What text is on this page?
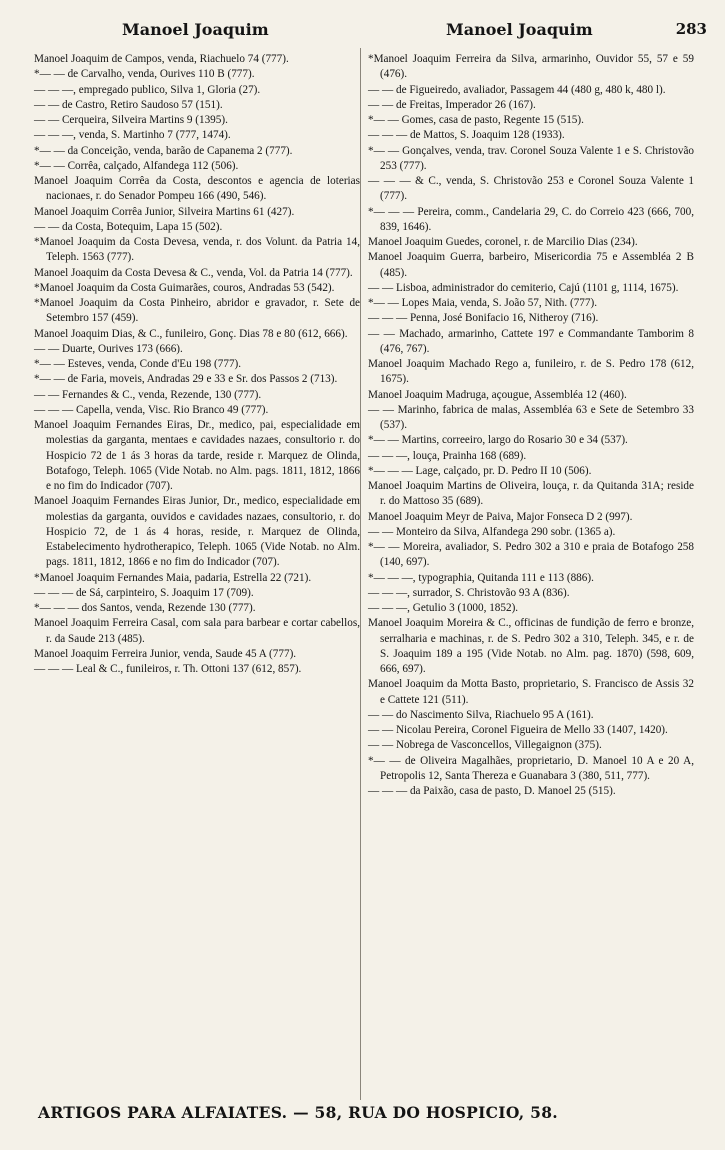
Manoel Joaquim	Manoel Joaquim	283

Manoel Joaquim de Campos, venda, Riachuelo 74 (777).

*— — de Carvalho, venda, Ourives 110 B (777).

— — —, empregado publico, Silva 1, Gloria (27).

— — de Castro, Retiro Saudoso 57 (151).

— — Cerqueira, Silveira Martins 9 (1395).

— — —, venda, S. Martinho 7 (777, 1474).

*— — da Conceição, venda, barão de Capanema 2 (777).

*— — Corrêa, calçado, Alfandega 112 (506).

Manoel Joaquim Corrêa da Costa, descontos e agencia de loterias nacionaes, r. do Senador Pompeu 166 (490, 546).

Manoel Joaquim Corrêa Junior, Silveira Martins 61 (427).

— — da Costa, Botequim, Lapa 15 (502).

*Manoel Joaquim da Costa Devesa, venda, r. dos Volunt. da Patria 14, Teleph. 1563 (777).

Manoel Joaquim da Costa Devesa & C., venda, Vol. da Patria 14 (777).

*Manoel Joaquim da Costa Guimarães, couros, Andradas 53 (542).

*Manoel Joaquim da Costa Pinheiro, abridor e gravador, r. Sete de Setembro 157 (459).

Manoel Joaquim Dias, & C., funileiro, Gonç. Dias 78 e 80 (612, 666).

— — Duarte, Ourives 173 (666).

*— — Esteves, venda, Conde d'Eu 198 (777).

*— — de Faria, moveis, Andradas 29 e 33 e Sr. dos Passos 2 (713).

— — Fernandes & C., venda, Rezende, 130 (777).

— — — Capella, venda, Visc. Rio Branco 49 (777).

Manoel Joaquim Fernandes Eiras, Dr., medico, pai, especialidade em molestias da garganta, mentaes e cavidades nazaes, consultorio r. do Hospicio 72 de 1 ás 3 horas da tarde, reside r. Marquez de Olinda, Botafogo, Teleph. 1065 (Vide Notab. no Alm. pags. 1811, 1812, 1866 e no fim do Indicador (707).

Manoel Joaquim Fernandes Eiras Junior, Dr., medico, especialidade em molestias da garganta, ouvidos e cavidades nazaes, consultorio, r. do Hospicio 72, de 1 ás 4 horas, reside, r. Marquez de Olinda, Estabelecimento hydrotherapico, Teleph. 1065 (Vide Notab. no Alm. pags. 1811, 1812, 1866 e no fim do Indicador (707).

*Manoel Joaquim Fernandes Maia, padaria, Estrella 22 (721).

— — — de Sá, carpinteiro, S. Joaquim 17 (709).

*— — — dos Santos, venda, Rezende 130 (777).

Manoel Joaquim Ferreira Casal, com sala para barbear e cortar cabellos, r. da Saude 213 (485).

Manoel Joaquim Ferreira Junior, venda, Saude 45 A (777).

— — — Leal & C., funileiros, r. Th. Ottoni 137 (612, 857).

*Manoel Joaquim Ferreira da Silva, armarinho, Ouvidor 55, 57 e 59 (476).

— — de Figueiredo, avaliador, Passagem 44 (480 g, 480 k, 480 l).

— — de Freitas, Imperador 26 (167).

*— — Gomes, casa de pasto, Regente 15 (515).

— — — de Mattos, S. Joaquim 128 (1933).

*— — Gonçalves, venda, trav. Coronel Souza Valente 1 e S. Christovão 253 (777).

— — — & C., venda, S. Christovão 253 e Coronel Souza Valente 1 (777).

*— — — Pereira, comm., Candelaria 29, C. do Correio 423 (666, 700, 839, 1646).

Manoel Joaquim Guedes, coronel, r. de Marcilio Dias (234).

Manoel Joaquim Guerra, barbeiro, Misericordia 75 e Assembléa 2 B (485).

— — Lisboa, administrador do cemiterio, Cajú (1101 g, 1114, 1675).

*— — Lopes Maia, venda, S. João 57, Nith. (777).

— — — Penna, José Bonifacio 16, Nitheroy (716).

— — Machado, armarinho, Cattete 197 e Commandante Tamborim 8 (476, 767).

Manoel Joaquim Machado Rego a, funileiro, r. de S. Pedro 178 (612, 1675).

Manoel Joaquim Madruga, açougue, Assembléa 12 (460).

— — Marinho, fabrica de malas, Assembléa 63 e Sete de Setembro 33 (537).

*— — Martins, correeiro, largo do Rosario 30 e 34 (537).

— — —, louça, Prainha 168 (689).

*— — — Lage, calçado, pr. D. Pedro II 10 (506).

Manoel Joaquim Martins de Oliveira, louça, r. da Quitanda 31A; reside r. do Mattoso 35 (689).

Manoel Joaquim Meyr de Paiva, Major Fonseca D 2 (997).

— — Monteiro da Silva, Alfandega 290 sobr. (1365 a).

*— — Moreira, avaliador, S. Pedro 302 a 310 e praia de Botafogo 258 (140, 697).

*— — —, typographia, Quitanda 111 e 113 (886).

— — —, surrador, S. Christovão 93 A (836).

— — —, Getulio 3 (1000, 1852).

Manoel Joaquim Moreira & C., officinas de fundição de ferro e bronze, serralharia e machinas, r. de S. Pedro 302 a 310, Teleph. 345, e r. de S. Joaquim 189 a 195 (Vide Notab. no Alm. pag. 1870) (598, 609, 666, 697).

Manoel Joaquim da Motta Basto, proprietario, S. Francisco de Assis 32 e Cattete 121 (511).

— — do Nascimento Silva, Riachuelo 95 A (161).

— — Nicolau Pereira, Coronel Figueira de Mello 33 (1407, 1420).

— — Nobrega de Vasconcellos, Villegaignon (375).

*— — de Oliveira Magalhães, proprietario, D. Manoel 10 A e 20 A, Petropolis 12, Santa Thereza e Guanabara 3 (380, 511, 777).

— — — da Paixão, casa de pasto, D. Manoel 25 (515).

ARTIGOS PARA ALFAIATES. — 58, RUA DO HOSPICIO, 58.
